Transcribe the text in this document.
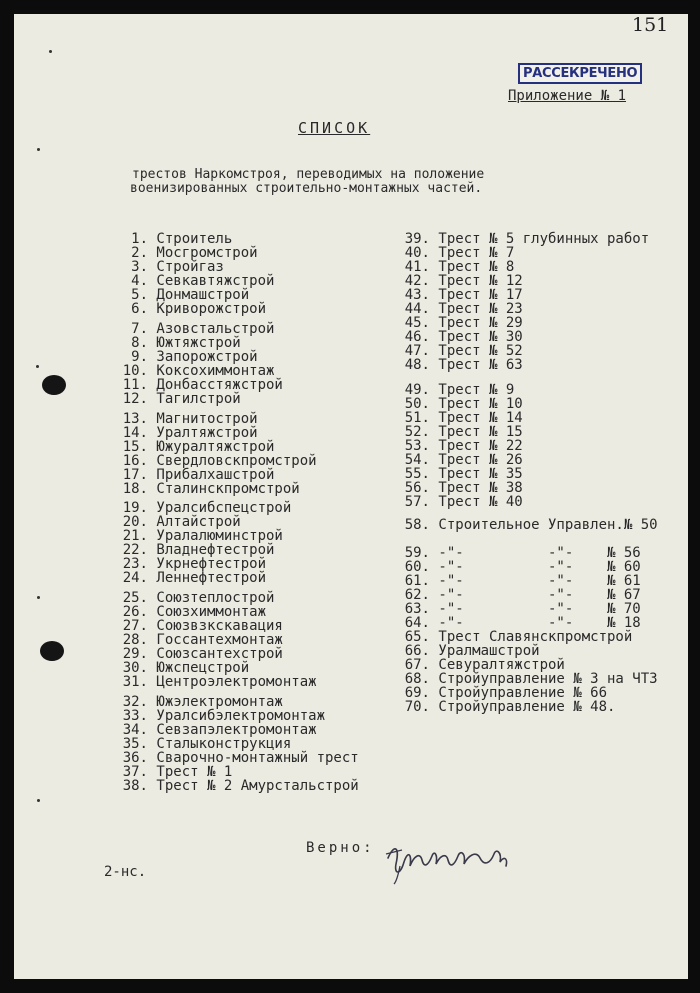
151
РАССЕКРЕЧЕНО
Приложение № 1
СПИСОК
трестов Наркомстроя, переводимых на положение
военизированных строительно-монтажных частей.
1. Строитель
2. Мосгромстрой
3. Стройгаз
4. Севкавтяжстрой
5. Донмашстрой
6. Криворожстрой
7. Азовстальстрой
8. Южтяжстрой
9. Запорожстрой
10. Коксохиммонтаж
11. Донбасстяжстрой
12. Тагилстрой
13. Магнитострой
14. Уралтяжстрой
15. Южуралтяжстрой
16. Свердловскпромстрой
17. Прибалхашстрой
18. Сталинскпромстрой
19. Уралсибспецстрой
20. Алтайстрой
21. Уралалюминстрой
22. Владнефтестрой
23. Укрнефтестрой
24. Леннефтестрой
25. Союзтеплострой
26. Союзхиммонтаж
27. Союзвзкскавация
28. Госсантехмонтаж
29. Союзсантехстрой
30. Южспецстрой
31. Центроэлектромонтаж
32. Южэлектромонтаж
33. Уралсибэлектромонтаж
34. Севзапэлектромонтаж
35. Сталыконструкция
36. Сварочно-монтажный трест
37. Трест № 1
38. Трест № 2 Амурстальстрой
39. Трест № 5 глубинных работ
40. Трест № 7
41. Трест № 8
42. Трест № 12
43. Трест № 17
44. Трест № 23
45. Трест № 29
46. Трест № 30
47. Трест № 52
48. Трест № 63
49. Трест № 9
50. Трест № 10
51. Трест № 14
52. Трест № 15
53. Трест № 22
54. Трест № 26
55. Трест № 35
56. Трест № 38
57. Трест № 40
58. Строительное Управлен.№ 50
59. -"-          -"-    № 56
60. -"-          -"-    № 60
61. -"-          -"-    № 61
62. -"-          -"-    № 67
63. -"-          -"-    № 70
64. -"-          -"-    № 18
65. Трест Славянскпромстрой
66. Уралмашстрой
67. Севуралтяжстрой
68. Стройуправление № 3 на ЧТЗ
69. Стройуправление № 66
70. Стройуправление № 48.
Верно:
2-нс.
